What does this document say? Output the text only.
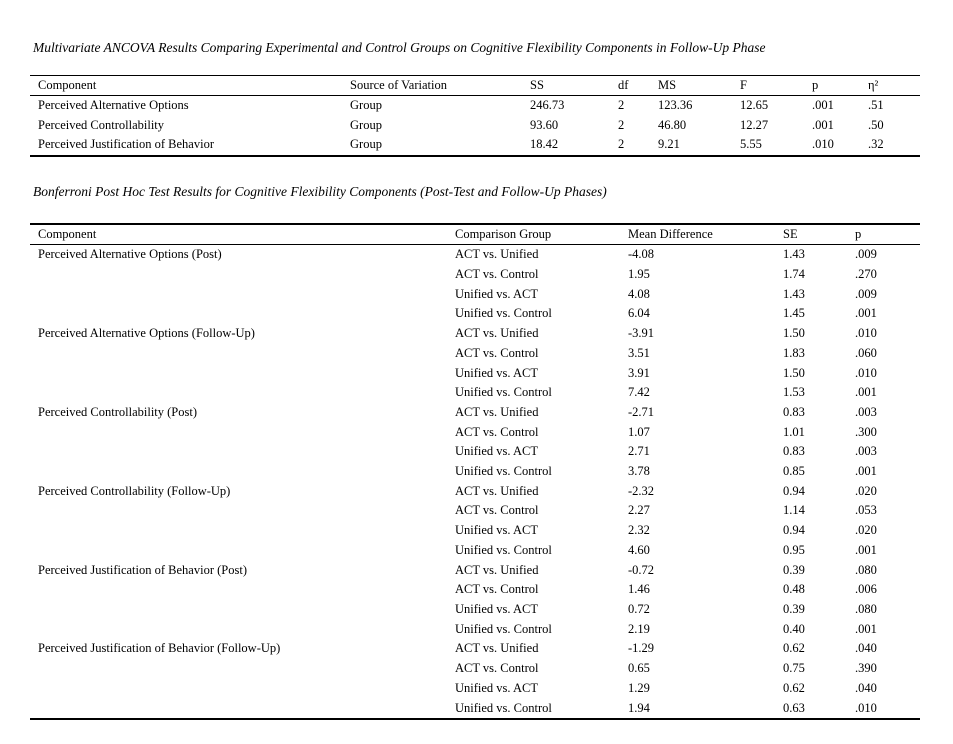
Multivariate ANCOVA Results Comparing Experimental and Control Groups on Cognitive Flexibility Components in Follow-Up Phase

Component	Source of Variation	SS	df	MS	F	p	η²
Perceived Alternative Options	Group	246.73	2	123.36	12.65	.001	.51
Perceived Controllability	Group	93.60	2	46.80	12.27	.001	.50
Perceived Justification of Behavior	Group	18.42	2	9.21	5.55	.010	.32

Bonferroni Post Hoc Test Results for Cognitive Flexibility Components (Post-Test and Follow-Up Phases)

Component	Comparison Group	Mean Difference	SE	p
Perceived Alternative Options (Post)	ACT vs. Unified	-4.08	1.43	.009
	ACT vs. Control	1.95	1.74	.270
	Unified vs. ACT	4.08	1.43	.009
	Unified vs. Control	6.04	1.45	.001
Perceived Alternative Options (Follow-Up)	ACT vs. Unified	-3.91	1.50	.010
	ACT vs. Control	3.51	1.83	.060
	Unified vs. ACT	3.91	1.50	.010
	Unified vs. Control	7.42	1.53	.001
Perceived Controllability (Post)	ACT vs. Unified	-2.71	0.83	.003
	ACT vs. Control	1.07	1.01	.300
	Unified vs. ACT	2.71	0.83	.003
	Unified vs. Control	3.78	0.85	.001
Perceived Controllability (Follow-Up)	ACT vs. Unified	-2.32	0.94	.020
	ACT vs. Control	2.27	1.14	.053
	Unified vs. ACT	2.32	0.94	.020
	Unified vs. Control	4.60	0.95	.001
Perceived Justification of Behavior (Post)	ACT vs. Unified	-0.72	0.39	.080
	ACT vs. Control	1.46	0.48	.006
	Unified vs. ACT	0.72	0.39	.080
	Unified vs. Control	2.19	0.40	.001
Perceived Justification of Behavior (Follow-Up)	ACT vs. Unified	-1.29	0.62	.040
	ACT vs. Control	0.65	0.75	.390
	Unified vs. ACT	1.29	0.62	.040
	Unified vs. Control	1.94	0.63	.010
